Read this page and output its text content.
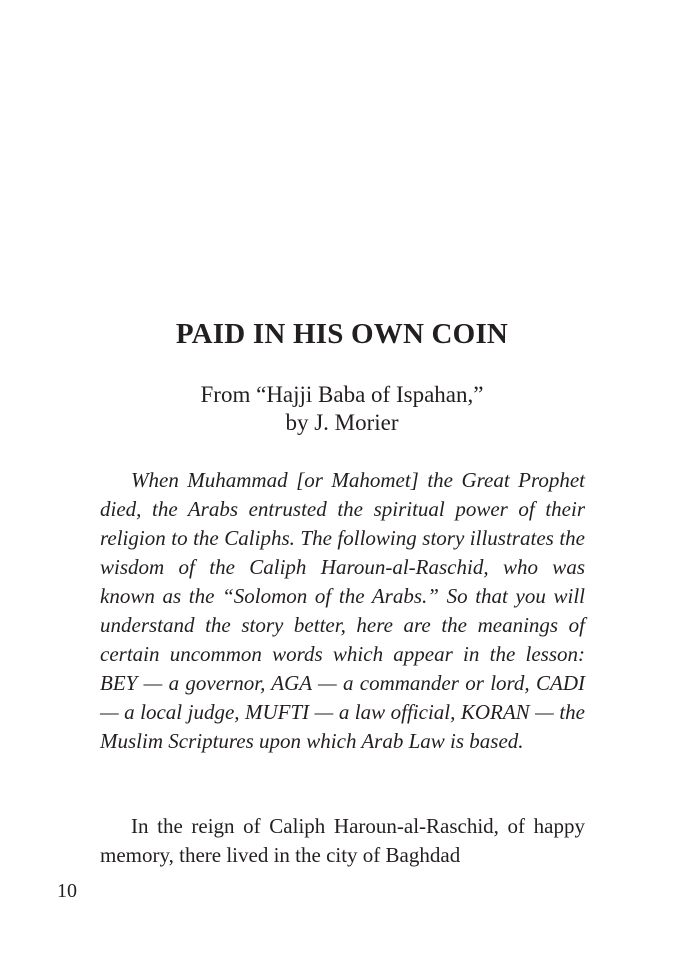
PAID IN HIS OWN COIN
From “Hajji Baba of Ispahan,”
by J. Morier

When Muhammad [or Mahomet] the Great Prophet died, the Arabs entrusted the spiritual power of their religion to the Caliphs. The following story illustrates the wisdom of the Caliph Haroun-al-Raschid, who was known as the “Solomon of the Arabs.” So that you will understand the story better, here are the meanings of certain uncommon words which appear in the lesson: BEY — a governor, AGA — a commander or lord, CADI — a local judge, MUFTI — a law official, KORAN — the Muslim Scriptures upon which Arab Law is based.

In the reign of Caliph Haroun-al-Raschid, of happy memory, there lived in the city of Baghdad

10
